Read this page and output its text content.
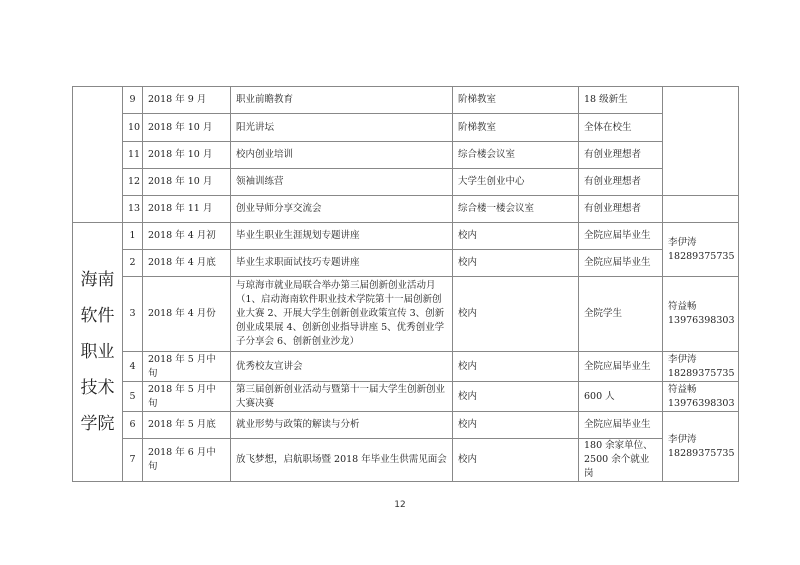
	9	2018 年 9 月	职业前瞻教育	阶梯教室	18 级新生	
	10	2018 年 10 月	阳光讲坛	阶梯教室	全体在校生	
	11	2018 年 10 月	校内创业培训	综合楼会议室	有创业理想者	
	12	2018 年 10 月	领袖训练营	大学生创业中心	有创业理想者	
	13	2018 年 11 月	创业导师分享交流会	综合楼一楼会议室	有创业理想者	

海南
软件
职业
技术
学院
	1	2018 年 4 月初	毕业生职业生涯规划专题讲座	校内	全院应届毕业生	
李伊涛
18289375735

	2	2018 年 4 月底	毕业生求职面试技巧专题讲座	校内	全院应届毕业生	
	3	2018 年 4 月份	与琼海市就业局联合举办第三届创新创业活动月（1、启动海南软件职业技术学院第十一届创新创业大赛 2、开展大学生创新创业政策宣传 3、创新创业成果展 4、创新创业指导讲座 5、优秀创业学子分享会 6、创新创业沙龙）	校内	全院学生	符益畅
13976398303

	4	2018 年 5 月中旬	优秀校友宣讲会	校内	全院应届毕业生	李伊涛
18289375735

	5	2018 年 5 月中旬	第三届创新创业活动与暨第十一届大学生创新创业大赛决赛	校内	600 人	符益畅
13976398303

	6	2018 年 5 月底	就业形势与政策的解读与分析	校内	全院应届毕业生	李伊涛
18289375735

	7	2018 年 6 月中旬	放飞梦想，启航职场暨 2018 年毕业生供需见面会	校内	180 余家单位、2500 余个就业岗	
12
